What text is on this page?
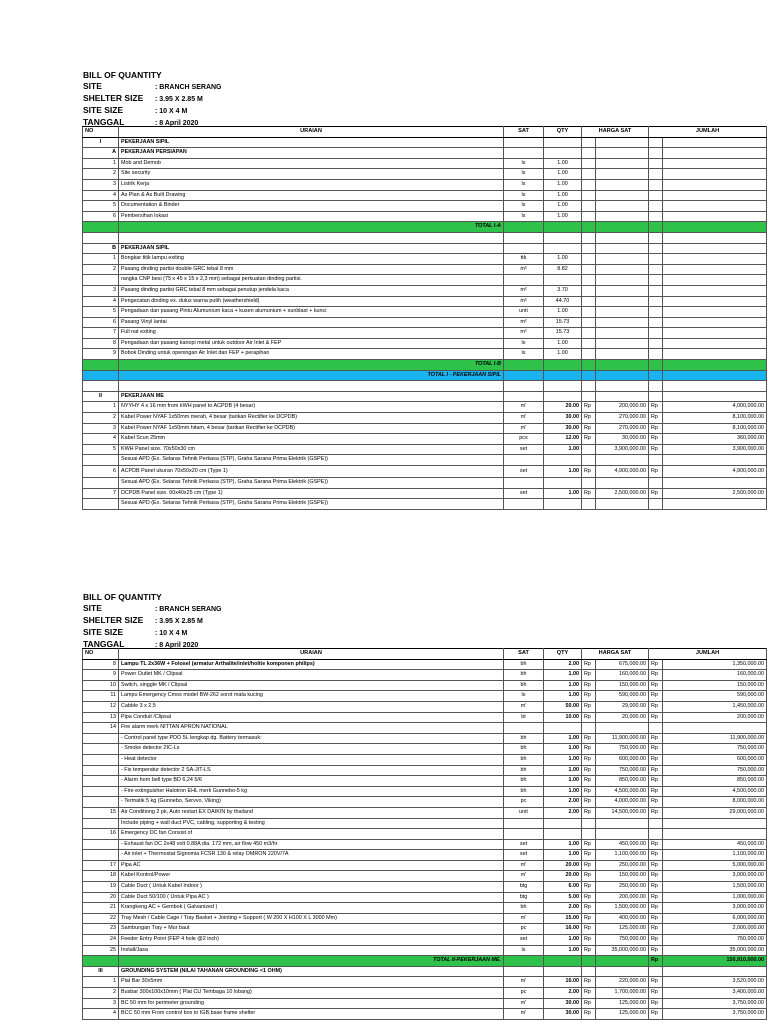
BILL OF QUANTITY
SITE	: BRANCH SERANG
SHELTER SIZE : 3.95 X 2.85 M
SITE SIZE	: 10 X 4 M
TANGGAL	: 8 April 2020
NO	URAIAN	SAT	QTY	HARGA SAT		JUMLAH	
I	PEKERJAAN SIPIL						
A	PEKERJAAN PERSIAPAN						
1	Mob and Demob	ls	1.00				
2	Site security	ls	1.00				
3	Listrik Kerja	ls	1.00				
4	As Plan & As Built Drawing	ls	1.00				
5	Documentation & Binder	ls	1.00				
6	Pembersihan lokasi	ls	1.00				
	TOTAL I-A						

B	PEKERJAAN SIPIL						
1	Bongkar titik lampu exiting	ttk	1.00				
2	Pasang dinding partisi double GRC tebal 8 mm	m²	8.82				
	rangka CNP besi (75 x 45 x 15 x 2,3 mm) sebagai perkuatan dinding partisi.						
3	Pasang dinding partisi GRC tebal 8 mm sebagai penutup jendela kaca	m²	3.70				
4	Pengecatan dinding ex. dulux warna putih (weathershield)	m²	44.70				
5	Pengadaan dan pasang Pintu Alumunium kaca + kusen alumunium + sunblast + kunci	unit	1.00				
6	Pasang Vinyl lantai	m²	15.73				
7	Full nat exiting	m²	15.73				
8	Pengadaan dan pasang kanopi metal untuk outdoor Air Inlet & FEP	ls	1.00				
9	Bobok Dinding untuk openingan Air Inlet dan FEP + perapihan	ls	1.00				
	TOTAL I-B						
	TOTAL I - PEKERJAAN SIPIL						

II	PEKERJAAN ME						
1	NYYHY 4 x 16 mm from kWH panel to ACPDB (4 besar)	m'	20.00	Rp	200,000.00	Rp	4,000,000.00
2	Kabel Power NYAF 1x50mm merah, 4 besar (tarikan Rectifier ke DCPDB)	m'	30.00	Rp	270,000.00	Rp	8,100,000.00
3	Kabel Power NYAF 1x50mm hitam, 4 besar (tarikan Rectifier ke DCPDB)	m'	30.00	Rp	270,000.00	Rp	8,100,000.00
4	Kabel Scun 25mm	pcs	12.00	Rp	30,000.00	Rp	360,000.00
5	KWH Panel size. 70x50x30 cm	set	1.00		3,900,000.00	Rp	3,900,000.00
	Sesuai APD (Ex. Selaras Tehnik Perkasa (STP), Graha Sarana Prima Elektrik (GSPE))						
6	ACPDB Panel ukuran 70x50x20 cm (Type 1)	set	1.00	Rp	4,900,000.00	Rp	4,900,000.00
	Sesuai APD (Ex. Selaras Tehnik Perkasa (STP), Graha Sarana Prima Elektrik (GSPE))						
7	DCPDB Panel size. 60x40x25 cm (Type 1)	set	1.00	Rp	2,500,000.00	Rp	2,500,000.00
	Sesuai APD (Ex. Selaras Tehnik Perkasa (STP), Graha Sarana Prima Elektrik (GSPE))						
BILL OF QUANTITY
SITE	: BRANCH SERANG
SHELTER SIZE : 3.95 X 2.85 M
SITE SIZE	: 10 X 4 M
TANGGAL	: 8 April 2020
NO	URAIAN	SAT	QTY	HARGA SAT		JUMLAH	
8	Lampu TL 2x36W + Folosel (armatur Arthalite/inlet/holite komponen philips)	bh	2.00	Rp	675,000.00	Rp	1,350,000.00
9	Power Outlet MK / Clipsal	bh	1.00	Rp	160,000.00	Rp	160,000.00
10	Switch, singgle MK / Clipsal	bh	1.00	Rp	150,000.00	Rp	150,000.00
11	Lampu Emergency Cmos model BW-262 sorot mata kucing	ls	1.00	Rp	590,000.00	Rp	590,000.00
12	Cabble 3 x 2,5	m'	50.00	Rp	29,000.00	Rp	1,450,000.00
13	Pipa Conduit /Clipsal	bt	10.00	Rp	20,000.00	Rp	200,000.00
14	Fire alarm merk NITTAN APRON NATIONAL						
	- Control panel type PDO 5L lengkap dg. Battery termasuk:	bh	1.00	Rp	11,900,000.00	Rp	11,900,000.00
	- Smoke detector 2IC-Ls	bh	1.00	Rp	750,000.00	Rp	750,000.00
	- Heat detector	bh	1.00	Rp	600,000.00	Rp	600,000.00
	- Fix temperatur detector 2 SA-JIT-LS	bh	1.00	Rp	750,000.00	Rp	750,000.00
	- Alarm horn bell type BD 6,24 5/6	bh	1.00	Rp	850,000.00	Rp	850,000.00
	- Fire extinguisher Halotron EHL merk Gunnebo-5 kg	bh	1.00	Rp	4,500,000.00	Rp	4,500,000.00
	- Termatik 5 kg (Gunnebo, Servvo, Viking)	pc	2.00	Rp	4,000,000.00	Rp	8,000,000.00
15	Air Conditiong 2 pk, Auto restart EX DAIKIN by thailand	unit	2.00	Rp	14,500,000.00	Rp	29,000,000.00
	Include piping + wall duct PVC, cabling, supporting & testing						
16	Emergency DC fan Consist of						
	- Exhaust fan DC 2x48 volt 0.88A dia. 172 mm, air flow 450 m3/hr	set	1.00	Rp	450,000.00	Rp	450,000.00
	- Air inlet + Thermostat Signomia FCSR 130 & relay OMRON 220V/7A	set	1.00	Rp	1,100,000.00	Rp	1,100,000.00
17	Pipa AC	m'	20.00	Rp	250,000.00	Rp	5,000,000.00
18	Kabel Kontrol/Power	m'	20.00	Rp	150,000.00	Rp	3,000,000.00
19	Cable Duct ( Untuk Kabel Indoor )	btg	6.00	Rp	250,000.00	Rp	1,500,000.00
20	Cable Duct 50/100 ( Untuk Pipa AC )	btg	5.00	Rp	200,000.00	Rp	1,000,000.00
21	Krangkeng AC + Gembok ( Galvanized )	bh	2.00	Rp	1,500,000.00	Rp	3,000,000.00
22	Tray Mesh / Cable Cage / Tray Basket + Jointing + Support ( W 200 X H100 X L 3000 Mm)	m'	15.00	Rp	400,000.00	Rp	6,000,000.00
23	Sambungan Tray + Mur baut	pc	16.00	Rp	125,000.00	Rp	2,000,000.00
24	Feeder Entry Point (FEP 4 hole @2 inch)	set	1.00	Rp	750,000.00	Rp	750,000.00
25	Install/Jasa	ls	1.00	Rp	35,000,000.00	Rp	35,000,000.00
	TOTAL II-PEKERJAAN ME.					Rp	150,910,000.00
III	GROUNDING SYSTEM (NILAI TAHANAN GROUNDING <1 OHM)						
1	Plat Bar 30x5mm	m'	16.00	Rp	220,000.00	Rp	3,520,000.00
2	Busbar 300x100x10mm ( Plat CU Tembaga 10 lobang)	pc	2.00	Rp	1,700,000.00	Rp	3,400,000.00
3	BC 50 mm for perimeter grounding	m'	30.00	Rp	125,000.00	Rp	3,750,000.00
4	BCC 50 mm From control box to IGB,base frame shelter	m'	30.00	Rp	125,000.00	Rp	3,750,000.00
